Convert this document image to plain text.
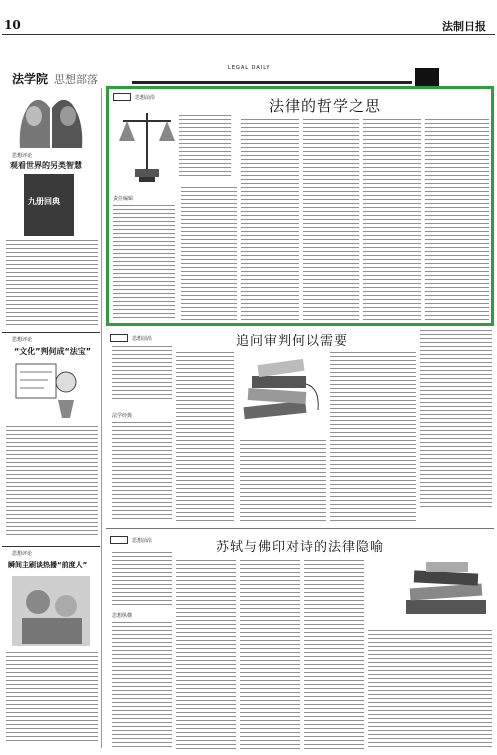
10
LEGAL DAILY
法制日报
法学院 思想部落
思想评论
观看世界的另类智慧
九册回典
思想评论
“文化”判何成“法宝”
思想评论
瞬间主刷谈热播“前度人”
思想前沿	法律的哲学之思
责任编辑
思想前沿	追问审判何以需要
法学经典
思想前沿	苏轼与佛印对诗的法律隐喻
思想纵横
